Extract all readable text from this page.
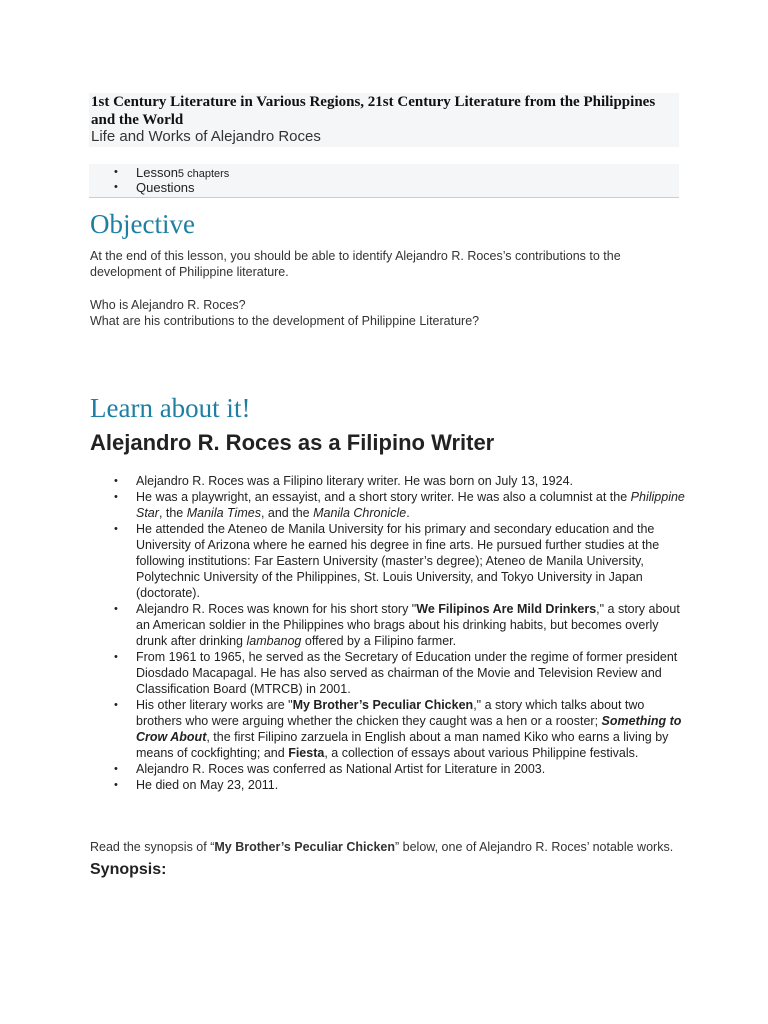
1st Century Literature in Various Regions, 21st Century Literature from the Philippines and the World
Life and Works of Alejandro Roces
• Lesson5 chapters
• Questions
Objective
At the end of this lesson, you should be able to identify Alejandro R. Roces’s contributions to the development of Philippine literature.
Who is Alejandro R. Roces?
What are his contributions to the development of Philippine Literature?
Learn about it!
Alejandro R. Roces as a Filipino Writer
• Alejandro R. Roces was a Filipino literary writer. He was born on July 13, 1924.
• He was a playwright, an essayist, and a short story writer. He was also a columnist at the Philippine Star, the Manila Times, and the Manila Chronicle.
• He attended the Ateneo de Manila University for his primary and secondary education and the University of Arizona where he earned his degree in fine arts. He pursued further studies at the following institutions: Far Eastern University (master’s degree); Ateneo de Manila University, Polytechnic University of the Philippines, St. Louis University, and Tokyo University in Japan (doctorate).
• Alejandro R. Roces was known for his short story "We Filipinos Are Mild Drinkers," a story about an American soldier in the Philippines who brags about his drinking habits, but becomes overly drunk after drinking lambanog offered by a Filipino farmer.
• From 1961 to 1965, he served as the Secretary of Education under the regime of former president Diosdado Macapagal. He has also served as chairman of the Movie and Television Review and Classification Board (MTRCB) in 2001.
• His other literary works are "My Brother’s Peculiar Chicken," a story which talks about two brothers who were arguing whether the chicken they caught was a hen or a rooster; Something to Crow About, the first Filipino zarzuela in English about a man named Kiko who earns a living by means of cockfighting; and Fiesta, a collection of essays about various Philippine festivals.
• Alejandro R. Roces was conferred as National Artist for Literature in 2003.
• He died on May 23, 2011.
Read the synopsis of “My Brother’s Peculiar Chicken” below, one of Alejandro R. Roces’ notable works.
Synopsis:
